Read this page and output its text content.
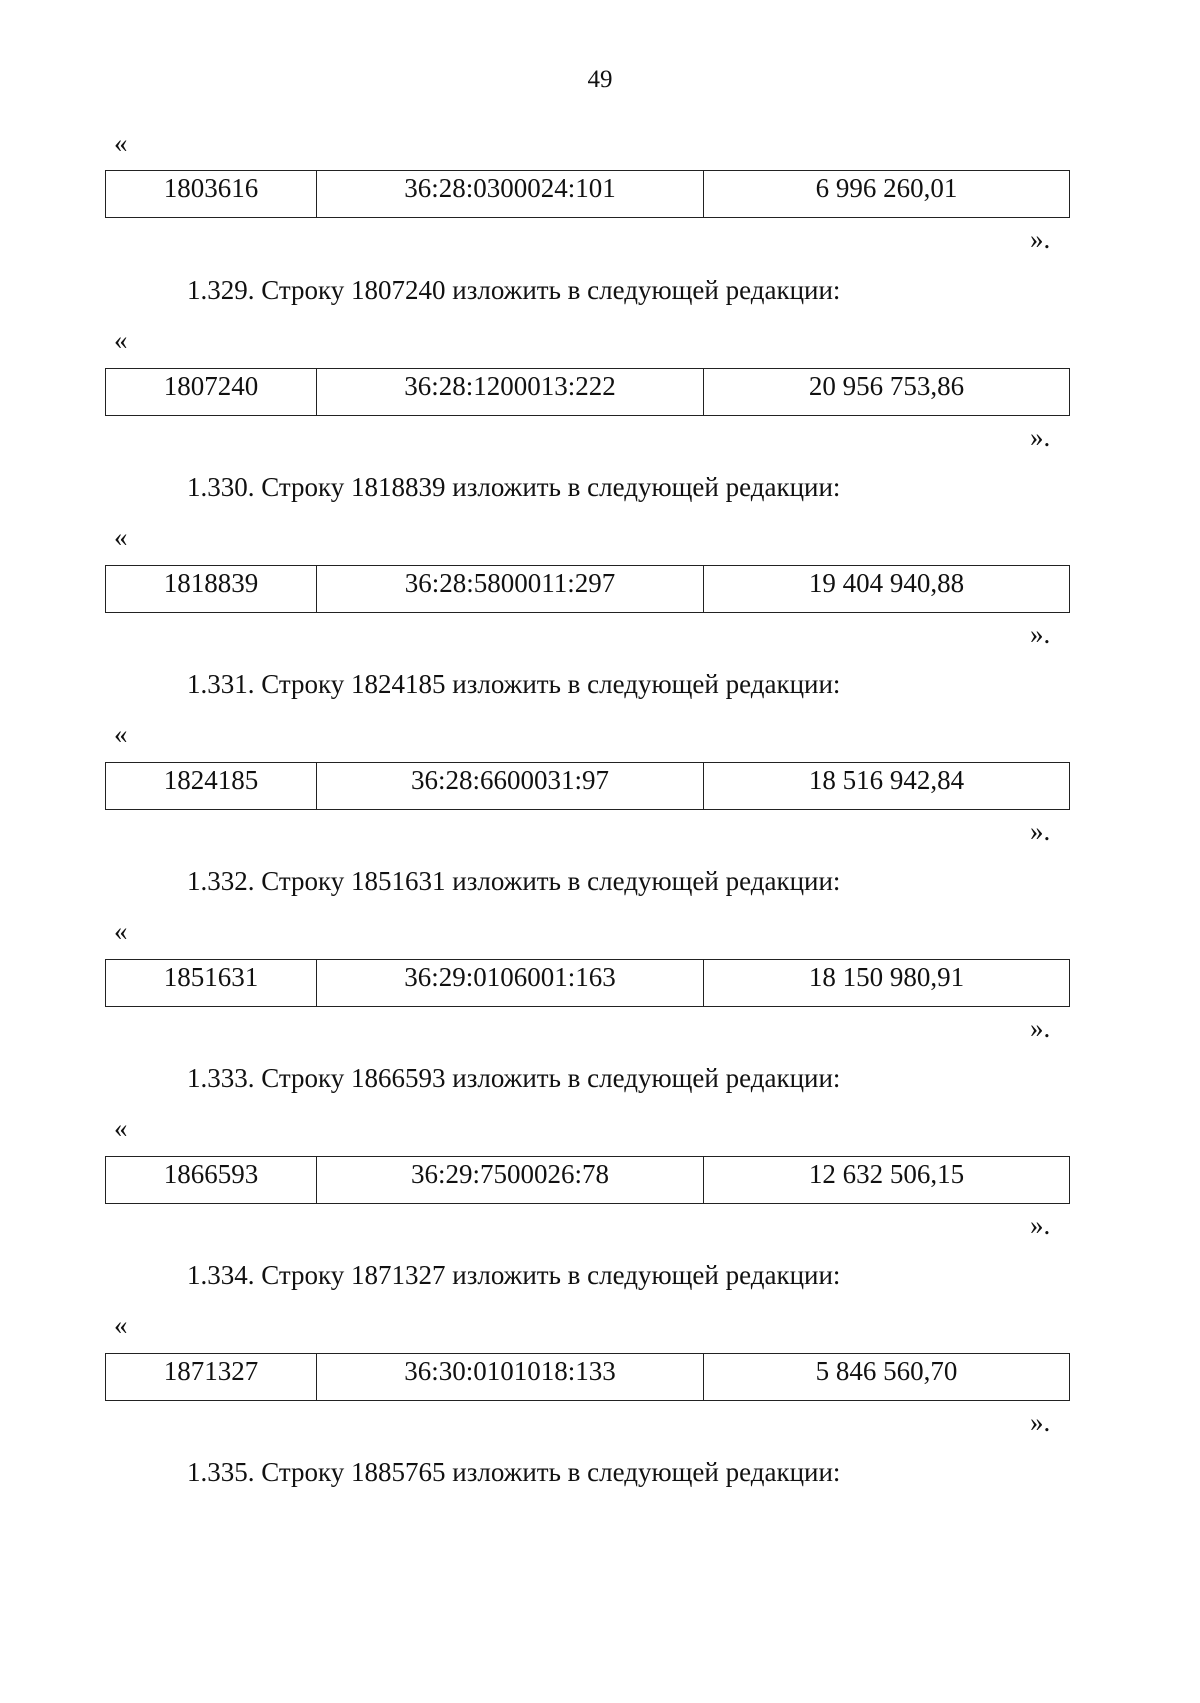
49
«
1803616	36:28:0300024:101	6 996 260,01
».
1.329. Строку 1807240 изложить в следующей редакции:
«
1807240	36:28:1200013:222	20 956 753,86
».
1.330. Строку 1818839 изложить в следующей редакции:
«
1818839	36:28:5800011:297	19 404 940,88
».
1.331. Строку 1824185 изложить в следующей редакции:
«
1824185	36:28:6600031:97	18 516 942,84
».
1.332. Строку 1851631 изложить в следующей редакции:
«
1851631	36:29:0106001:163	18 150 980,91
».
1.333. Строку 1866593 изложить в следующей редакции:
«
1866593	36:29:7500026:78	12 632 506,15
».
1.334. Строку 1871327 изложить в следующей редакции:
«
1871327	36:30:0101018:133	5 846 560,70
».
1.335. Строку 1885765 изложить в следующей редакции:
